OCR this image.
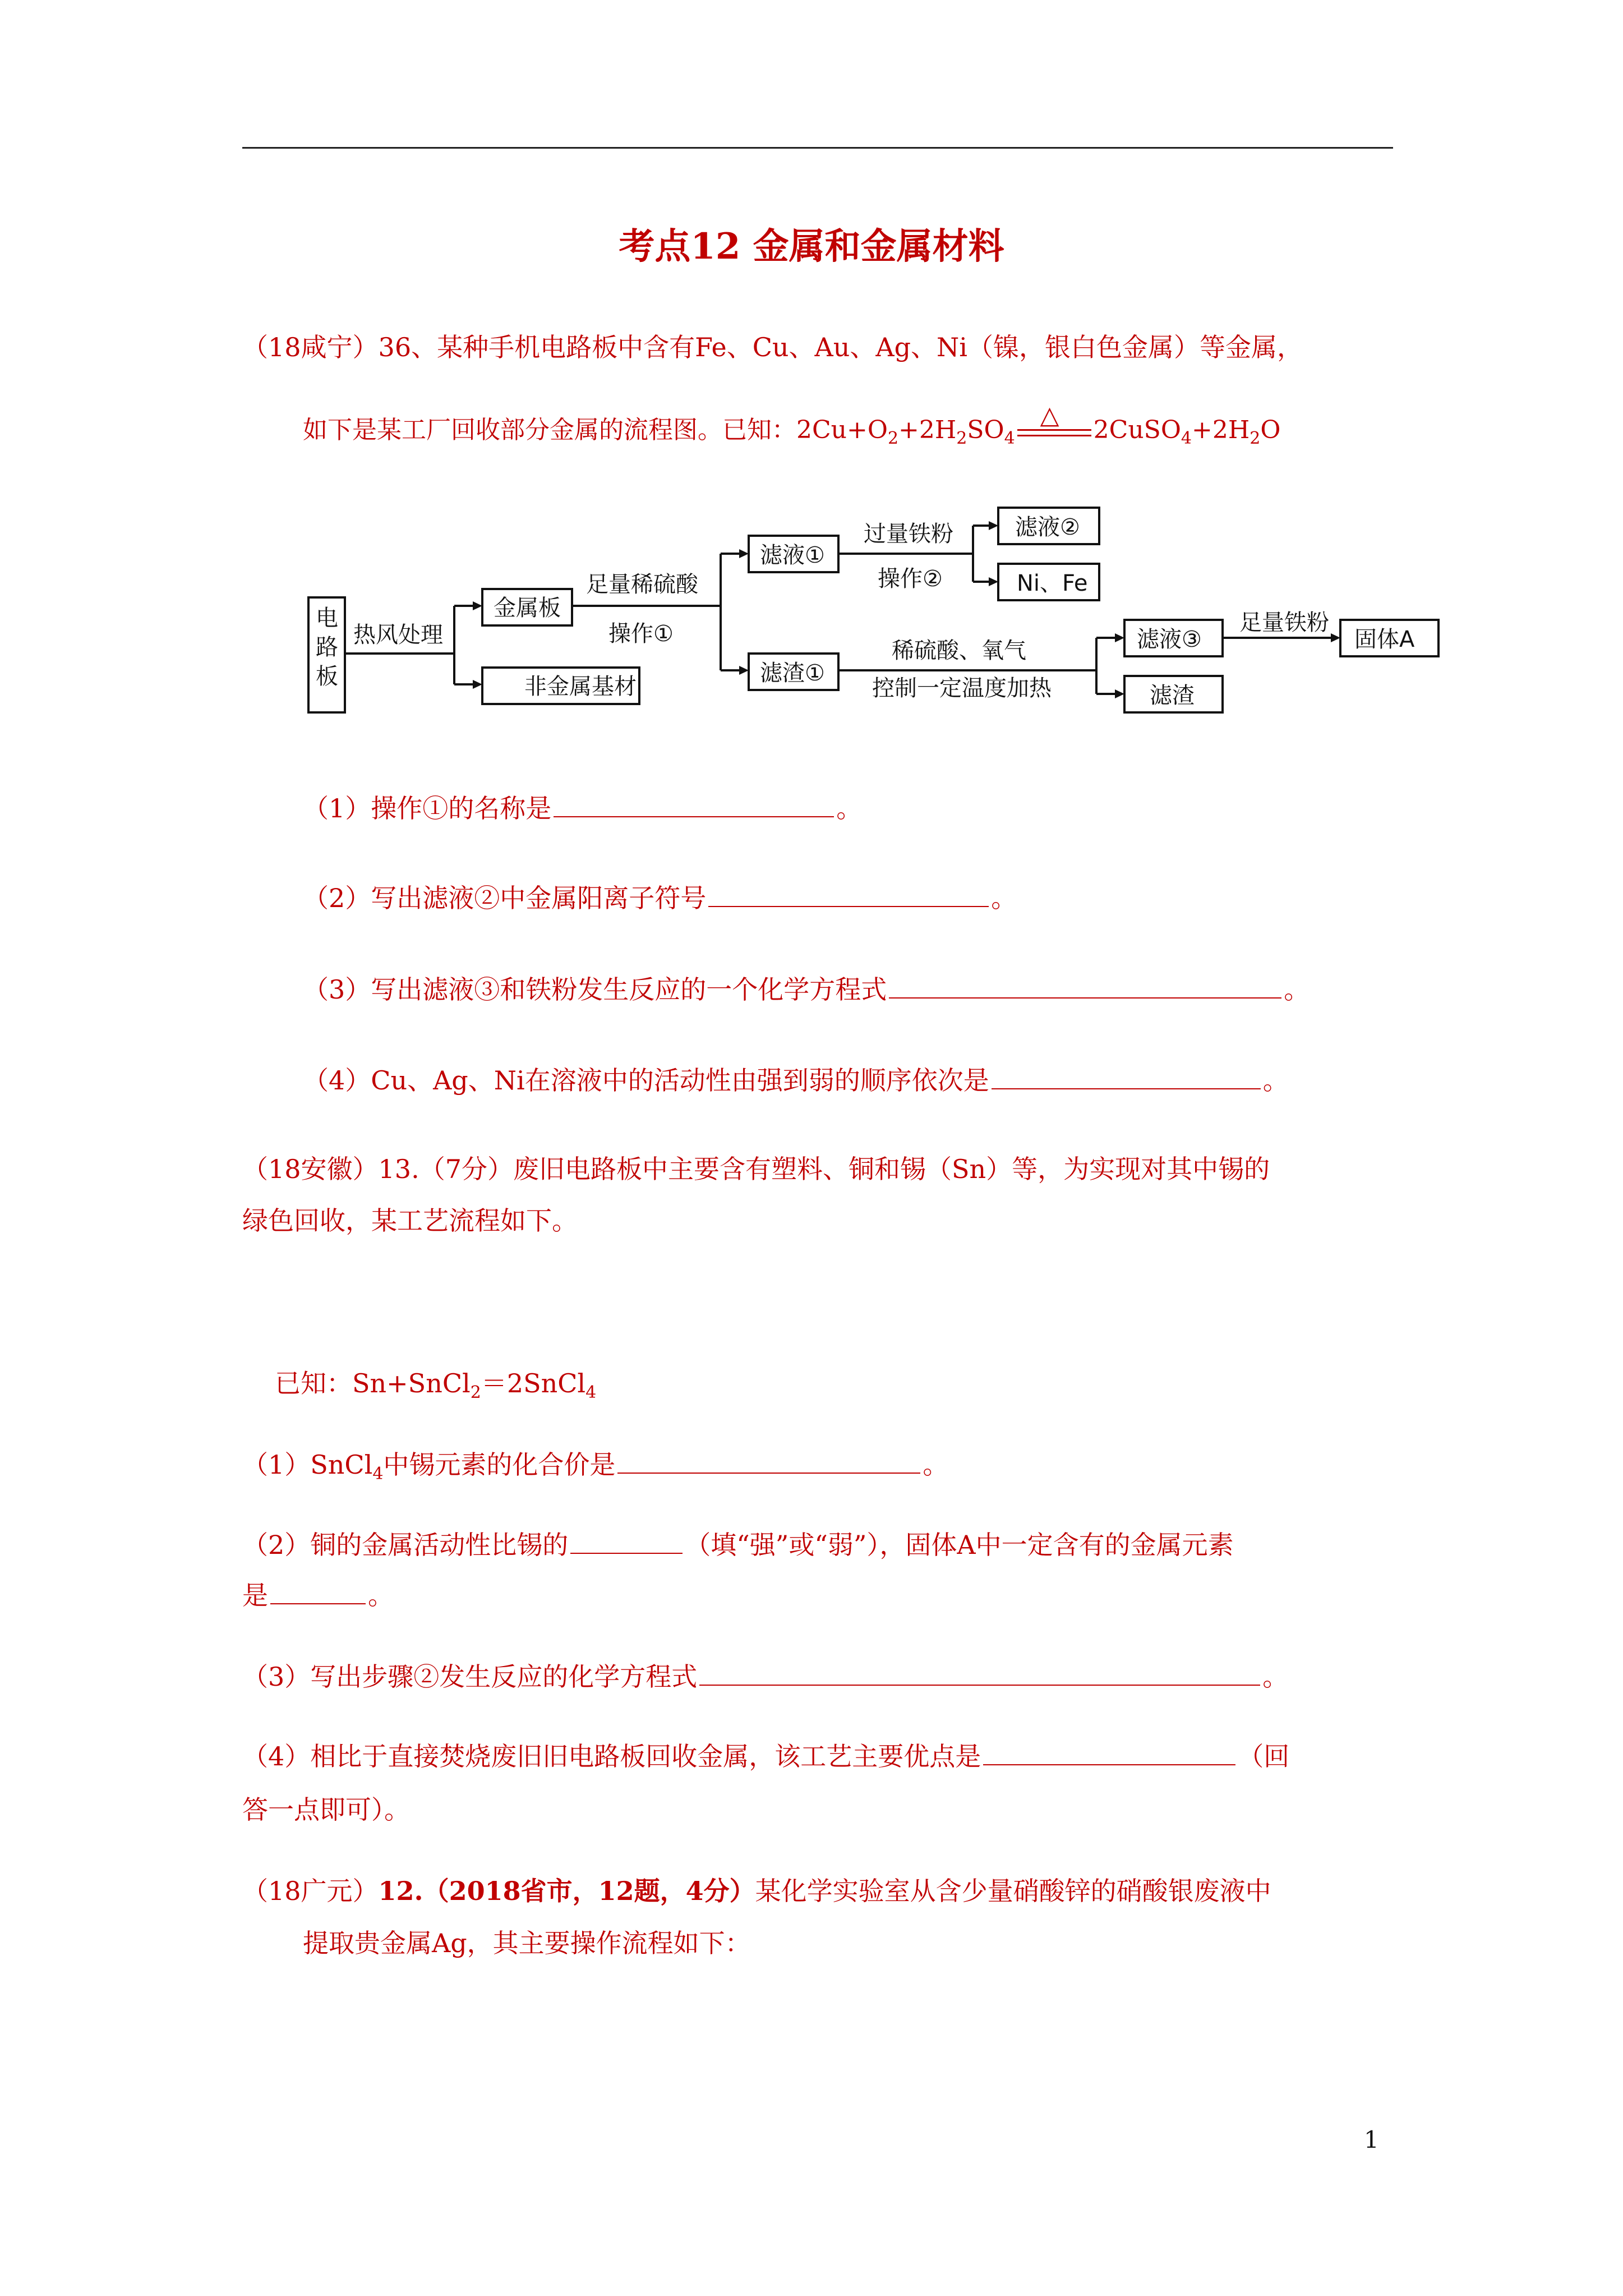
考点12 金属和金属材料
（18咸宁）36、某种手机电路板中含有Fe、Cu、Au、Ag、Ni（镍，银白色金属）等金属，
如下是某工厂回收部分金属的流程图。已知：$2Cu+O_2+2H_2SO_4$
△
$2CuSO_4+2H_2O$
电
路
板
热风处理
金属板
非金属基材
足量稀硫酸
操作①
滤液①
滤渣①
过量铁粉
操作②
滤液②
Ni、Fe
稀硫酸、氧气
控制一定温度加热
滤液③
滤渣
足量铁粉
固体A
（1）操作①的名称是	。
（2）写出滤液②中金属阳离子符号	。
（3）写出滤液③和铁粉发生反应的一个化学方程式	。
（4）Cu、Ag、Ni在溶液中的活动性由强到弱的顺序依次是	。
（18安徽）13.（7分）废旧电路板中主要含有塑料、铜和锡（Sn）等，为实现对其中锡的
绿色回收，某工艺流程如下。
已知：Sn+SnCl$_2$＝2SnCl$_4$
（1）SnCl$_4$中锡元素的化合价是	。
（2）铜的金属活动性比锡的	（填“强”或“弱”），固体A中一定含有的金属元素
是	。
（3）写出步骤②发生反应的化学方程式	。
（4）相比于直接焚烧废旧旧电路板回收金属，该工艺主要优点是	（回
答一点即可）。
（18广元）12.（2018省市，12题，4分）某化学实验室从含少量硝酸锌的硝酸银废液中
提取贵金属Ag，其主要操作流程如下：
1
